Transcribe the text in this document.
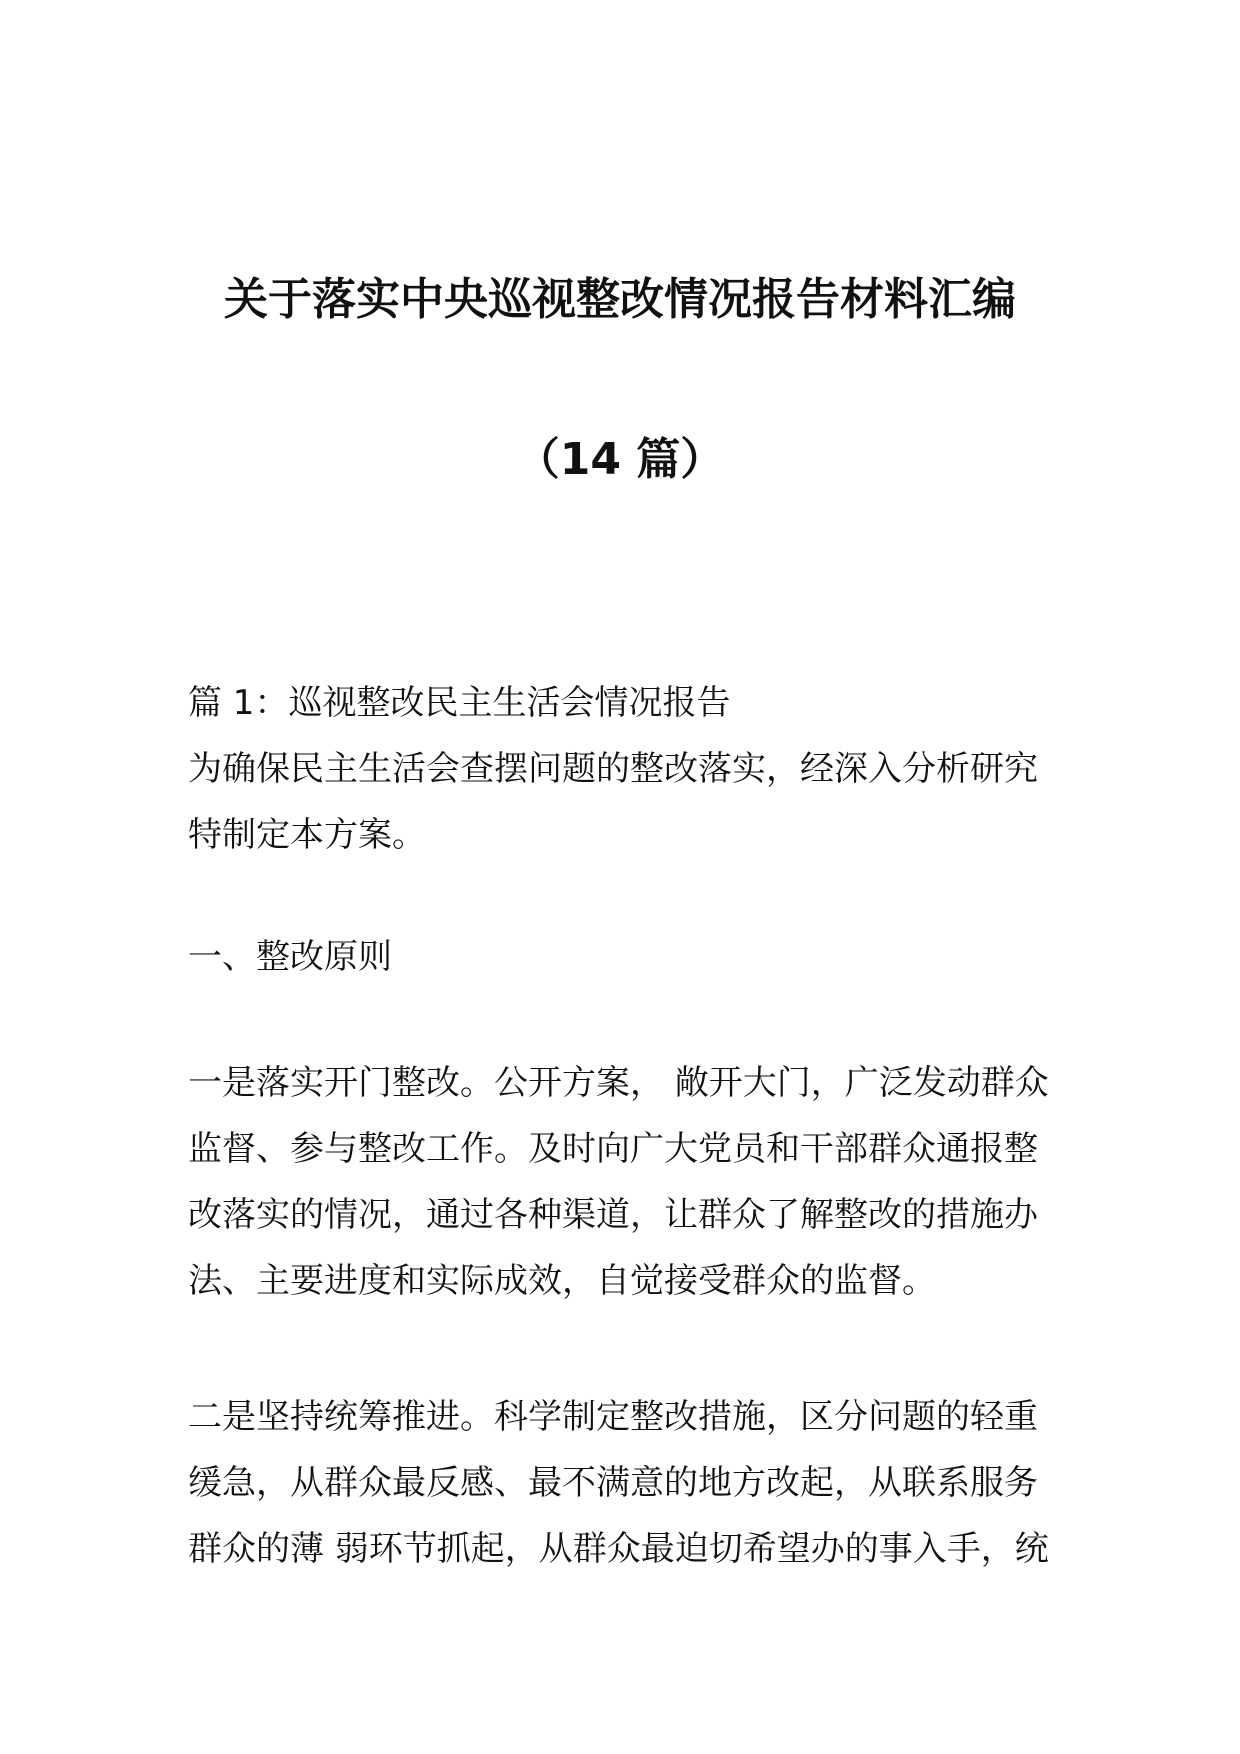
关于落实中央巡视整改情况报告材料汇编
（14 篇）
篇 1：巡视整改民主生活会情况报告
为确保民主生活会查摆问题的整改落实，经深入分析研究
特制定本方案。
一、整改原则
一是落实开门整改。公开方案， 敞开大门，广泛发动群众
监督、参与整改工作。及时向广大党员和干部群众通报整
改落实的情况，通过各种渠道，让群众了解整改的措施办
法、主要进度和实际成效，自觉接受群众的监督。
二是坚持统筹推进。科学制定整改措施，区分问题的轻重
缓急，从群众最反感、最不满意的地方改起，从联系服务
群众的薄 弱环节抓起，从群众最迫切希望办的事入手，统
